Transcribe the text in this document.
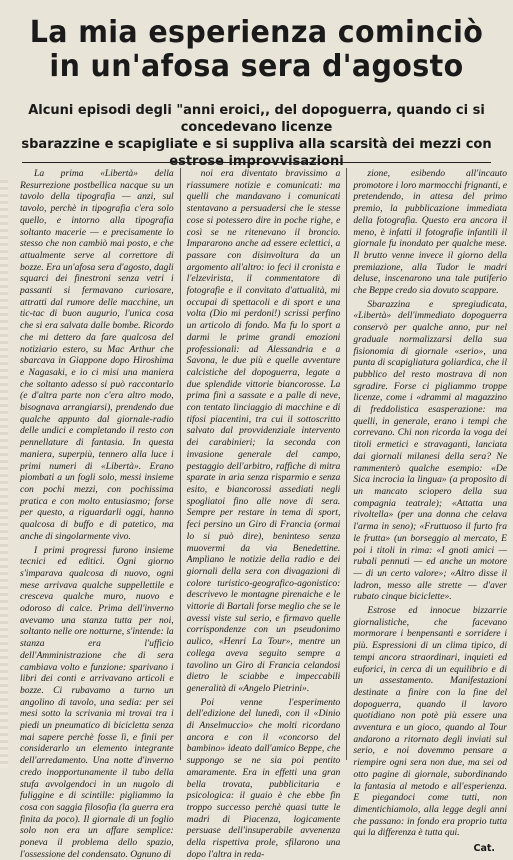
La mia esperienza cominciò
in un'afosa sera d'agosto
Alcuni episodi degli "anni eroici,, del dopoguerra, quando ci si concedevano licenze
sbarazzine e scapigliate e si suppliva alla scarsità dei mezzi con estrose improvvisazioni

La prima «Libertà» della Resurrezione postbellica nacque su un tavolo della tipografia — anzi, sul tavolo, perchè in tipografia c'era solo quello, e intorno alla tipografia soltanto macerie — e precisamente lo stesso che non cambiò mai posto, e che attualmente serve al correttore di bozze. Era un'afosa sera d'agosto, dagli squarci dei finestroni senza vetri i passanti si fermavano curiosare, attratti dal rumore delle macchine, un tic-tac di buon augurio, l'unica cosa che si era salvata dalle bombe. Ricordo che mi dettero da fare qualcosa del notiziario estero, su Mac Arthur che sbarcava in Giappone dopo Hiroshima e Nagasaki, e io ci misi una maniera che soltanto adesso si può raccontarlo (e d'altra parte non c'era altro modo, bisognava arrangiarsi), prendendo due qualche appunto dal giornale-radio delle undici e completando il resto con pennellature di fantasia. In questa maniera, superpiù, tennero alla luce i primi numeri di «Libertà». Erano piombati a un fogli solo, messi insieme con pochi mezzi, con pochissima pratica e con molto entusiasmo; forse per questo, a riguardarli oggi, hanno qualcosa di buffo e di patetico, ma anche di singolarmente vivo.

I primi progressi furono insieme tecnici ed editici. Ogni giorno s'imparava qualcosa di nuovo, ogni mese arrivava qualche suppellettile e cresceva qualche muro, nuovo e odoroso di calce. Prima dell'inverno avevamo una stanza tutta per noi, soltanto nelle ore notturne, s'intende: la stanza era l'ufficio dell'Amministrazione che di sera cambiava volto e funzione: sparivano i libri dei conti e arrivavano articoli e bozze. Ci rubavamo a turno un angolino di tavolo, una sedia: per sei mesi sotto la scrivania mi trovai tra i piedi un pneumatico di bicicletta senza mai sapere perchè fosse lì, e finii per considerarlo un elemento integrante dell'arredamento. Una notte d'inverno credo inopportunamente il tubo della stufa avvolgendoci in un nugolo di fuliggine e di scintille: pigliammo la cosa con saggia filosofia (la guerra era finita da poco). Il giornale di un foglio solo non era un affare semplice: poneva il problema dello spazio, l'ossessione del condensato. Ognuno di

noi era diventato bravissimo a riassumere notizie e comunicati: ma quelli che mandavano i comunicati stentavano a persuadersi che le stesse cose si potessero dire in poche righe, e così se ne ritenevano il broncio. Impararono anche ad essere eclettici, a passare con disinvoltura da un argomento all'altro: io feci il cronista e l'elzevirista, il commentatore di fotografie e il convitato d'attualità, mi occupai di spettacoli e di sport e una volta (Dio mi perdoni!) scrissi perfino un articolo di fondo. Ma fu lo sport a darmi le prime grandi emozioni professionali: ad Alessandria e a Savona, le due più e quelle avventure calcistiche del dopoguerra, legate a due splendide vittorie biancorosse. La prima finì a sassate e a palle di neve, con tentato linciaggio di macchine e di tifosi piacentini, tra cui il sottoscritto salvato dal provvidenziale intervento dei carabinieri; la seconda con invasione generale del campo, pestaggio dell'arbitro, raffiche di mitra sparate in aria senza risparmio e senza esito, e biancorossi assediati negli spogliatoi fino alle nove di sera. Sempre per restare in tema di sport, feci persino un Giro di Francia (ormai lo si può dire), beninteso senza muovermi da via Benedettine. Ampliano le notizie della radio e dei giornali della sera con divagazioni di colore turistico-geografico-agonistico: descrivevo le montagne pirenaiche e le vittorie di Bartali forse meglio che se le avessi viste sul serio, e firmavo quelle corrispondenze con un pseudonimo aulico, «Henri La Tour», mentre un collega aveva seguito sempre a tavolino un Giro di Francia celandosi dietro le sciabbe e impeccabili generalità di «Angelo Pietrini».

Poi venne l'esperimento dell'edizione del lunedì, con il «Dinio di Anselmuccio» che molti ricordano ancora e con il «concorso del bambino» ideato dall'amico Beppe, che suppongo se ne sia poi pentito amaramente. Era in effetti una gran bella trovata, pubblicitaria e psicologica: il guaio è che ebbe fin troppo successo perchè quasi tutte le madri di Piacenza, logicamente persuase dell'insuperabile avvenenza della rispettiva prole, sfilarono una dopo l'altra in reda-

zione, esibendo all'incauto promotore i loro marmocchi frignanti, e pretendendo, in attesa del primo premio, la pubblicazione immediata della fotografia. Questo era ancora il meno, è infatti il fotografie infantili il giornale fu inondato per qualche mese. Il brutto venne invece il giorno della premiazione, alla Tudor le madri deluse, inscenarono una tale putiferio che Beppe credo sia dovuto scappare.

Sbarazzina e spregiudicata, «Libertà» dell'immediato dopoguerra conservò per qualche anno, pur nel graduale normalizzarsi della sua fisionomia di giornale «serio», una punta di scapigliatura goliardica, che il pubblico del resto mostrava di non sgradire. Forse ci pigliammo troppe licenze, come i «drammi al magazzino di freddolistica esasperazione: ma quelli, in generale, erano i tempi che correvano. Chi non ricorda la voga dei titoli ermetici e stravaganti, lanciata dai giornali milanesi della sera? Ne rammenterò qualche esempio: «De Sica incrocia la lingua» (a proposito di un mancato sciopero della sua compagnia teatrale); «Attatta una rivoltella» (per una donna che celava l'arma in seno); «Fruttuoso il furto fra le frutta» (un borseggio al mercato, E poi i titoli in rima: «I gnoti amici — rubali pennuti — ed anche un motore — di un certo valore»; «Altro dìsse il ladron, messo alle strette — d'aver rubato cinque biciclette».

Estrose ed innocue bizzarrie giornalistiche, che facevano mormorare i benpensanti e sorridere i più. Espressioni di un clima tipico, di tempi ancora straordinari, inquieti ed euforici, in cerca di un equilibrio e di un assestamento. Manifestazioni destinate a finire con la fine del dopoguerra, quando il lavoro quotidiano non potè più essere una avventura e un gioco, quando al Tour andarono a ritornato degli inviati sul serio, e noi dovemmo pensare a riempire ogni sera non due, ma sei od otto pagine di giornale, subordinando la fantasia al metodo e all'esperienza. E piegandoci come tutti, non dimentichiamolo, alla legge degli anni che passano: in fondo era proprio tutta qui la differenza è tutta qui.

Cat.
